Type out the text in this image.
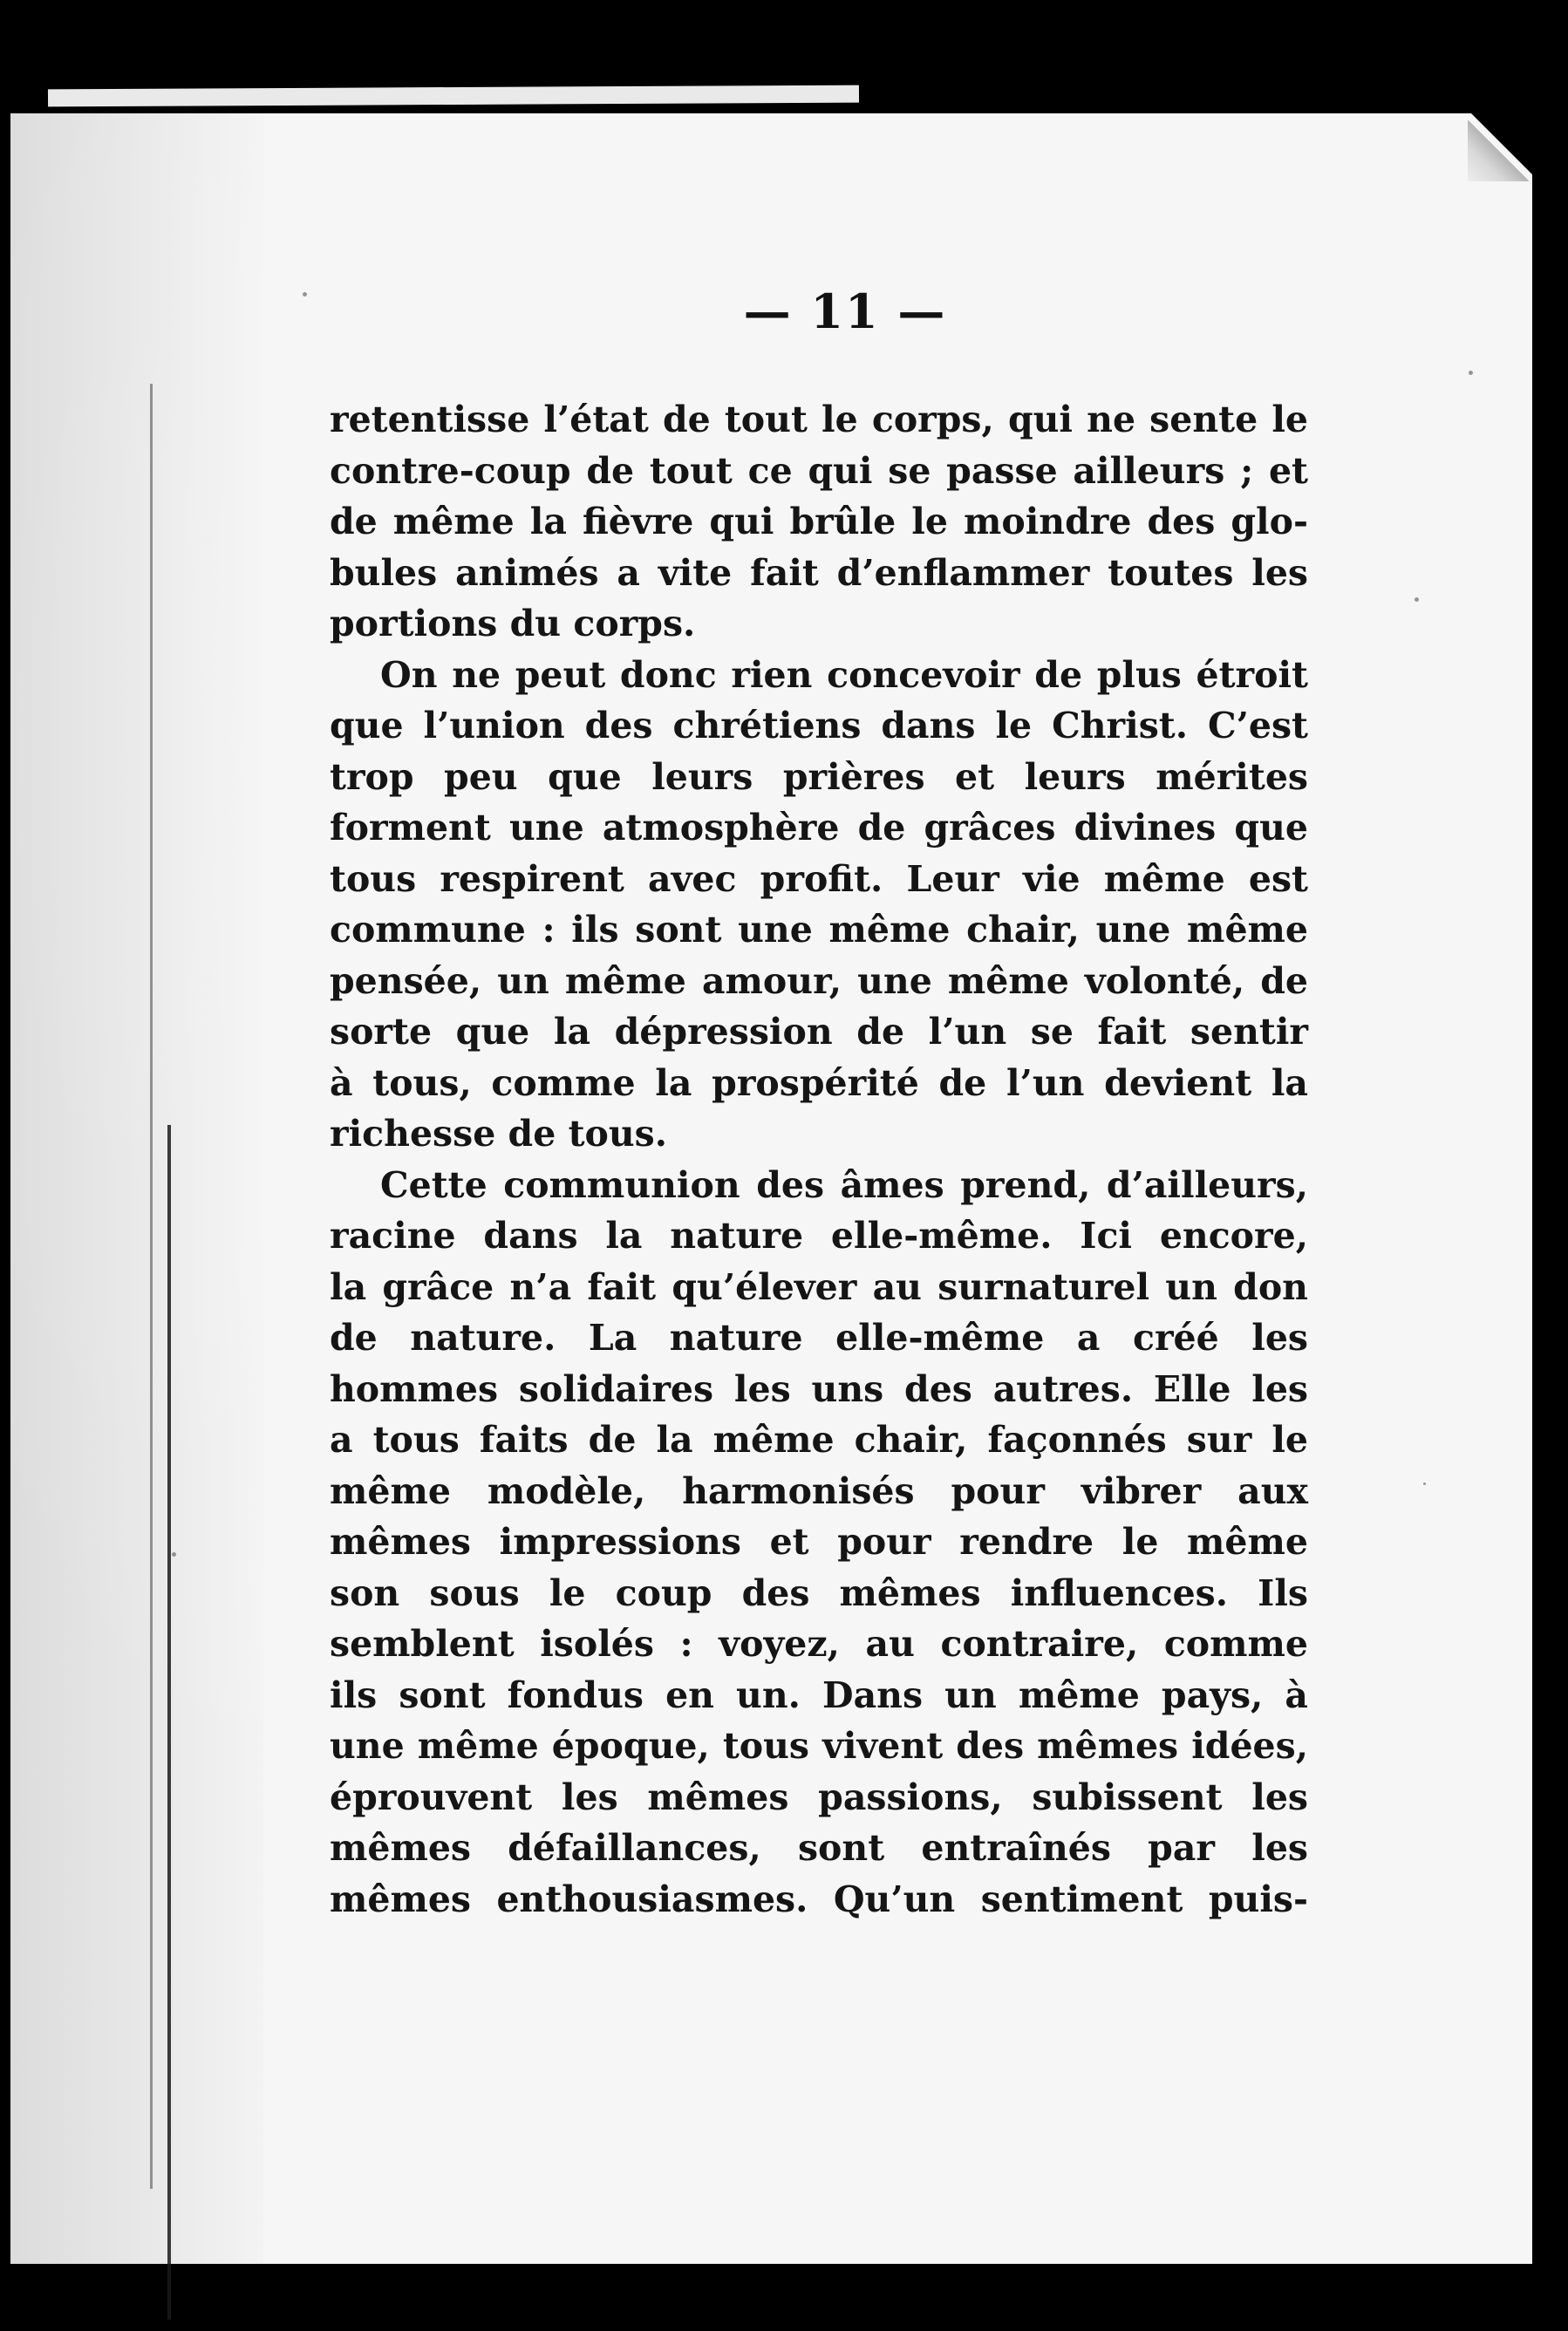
— 11 —
retentisse l’état de tout le corps, qui ne sente le
contre-coup de tout ce qui se passe ailleurs ; et
de même la fièvre qui brûle le moindre des glo-
bules animés a vite fait d’enflammer toutes les
portions du corps.
On ne peut donc rien concevoir de plus étroit
que l’union des chrétiens dans le Christ. C’est
trop peu que leurs prières et leurs mérites
forment une atmosphère de grâces divines que
tous respirent avec profit. Leur vie même est
commune : ils sont une même chair, une même
pensée, un même amour, une même volonté, de
sorte que la dépression de l’un se fait sentir
à tous, comme la prospérité de l’un devient la
richesse de tous.
Cette communion des âmes prend, d’ailleurs,
racine dans la nature elle-même. Ici encore,
la grâce n’a fait qu’élever au surnaturel un don
de nature. La nature elle-même a créé les
hommes solidaires les uns des autres. Elle les
a tous faits de la même chair, façonnés sur le
même modèle, harmonisés pour vibrer aux
mêmes impressions et pour rendre le même
son sous le coup des mêmes influences. Ils
semblent isolés : voyez, au contraire, comme
ils sont fondus en un. Dans un même pays, à
une même époque, tous vivent des mêmes idées,
éprouvent les mêmes passions, subissent les
mêmes défaillances, sont entraînés par les
mêmes enthousiasmes. Qu’un sentiment puis-
